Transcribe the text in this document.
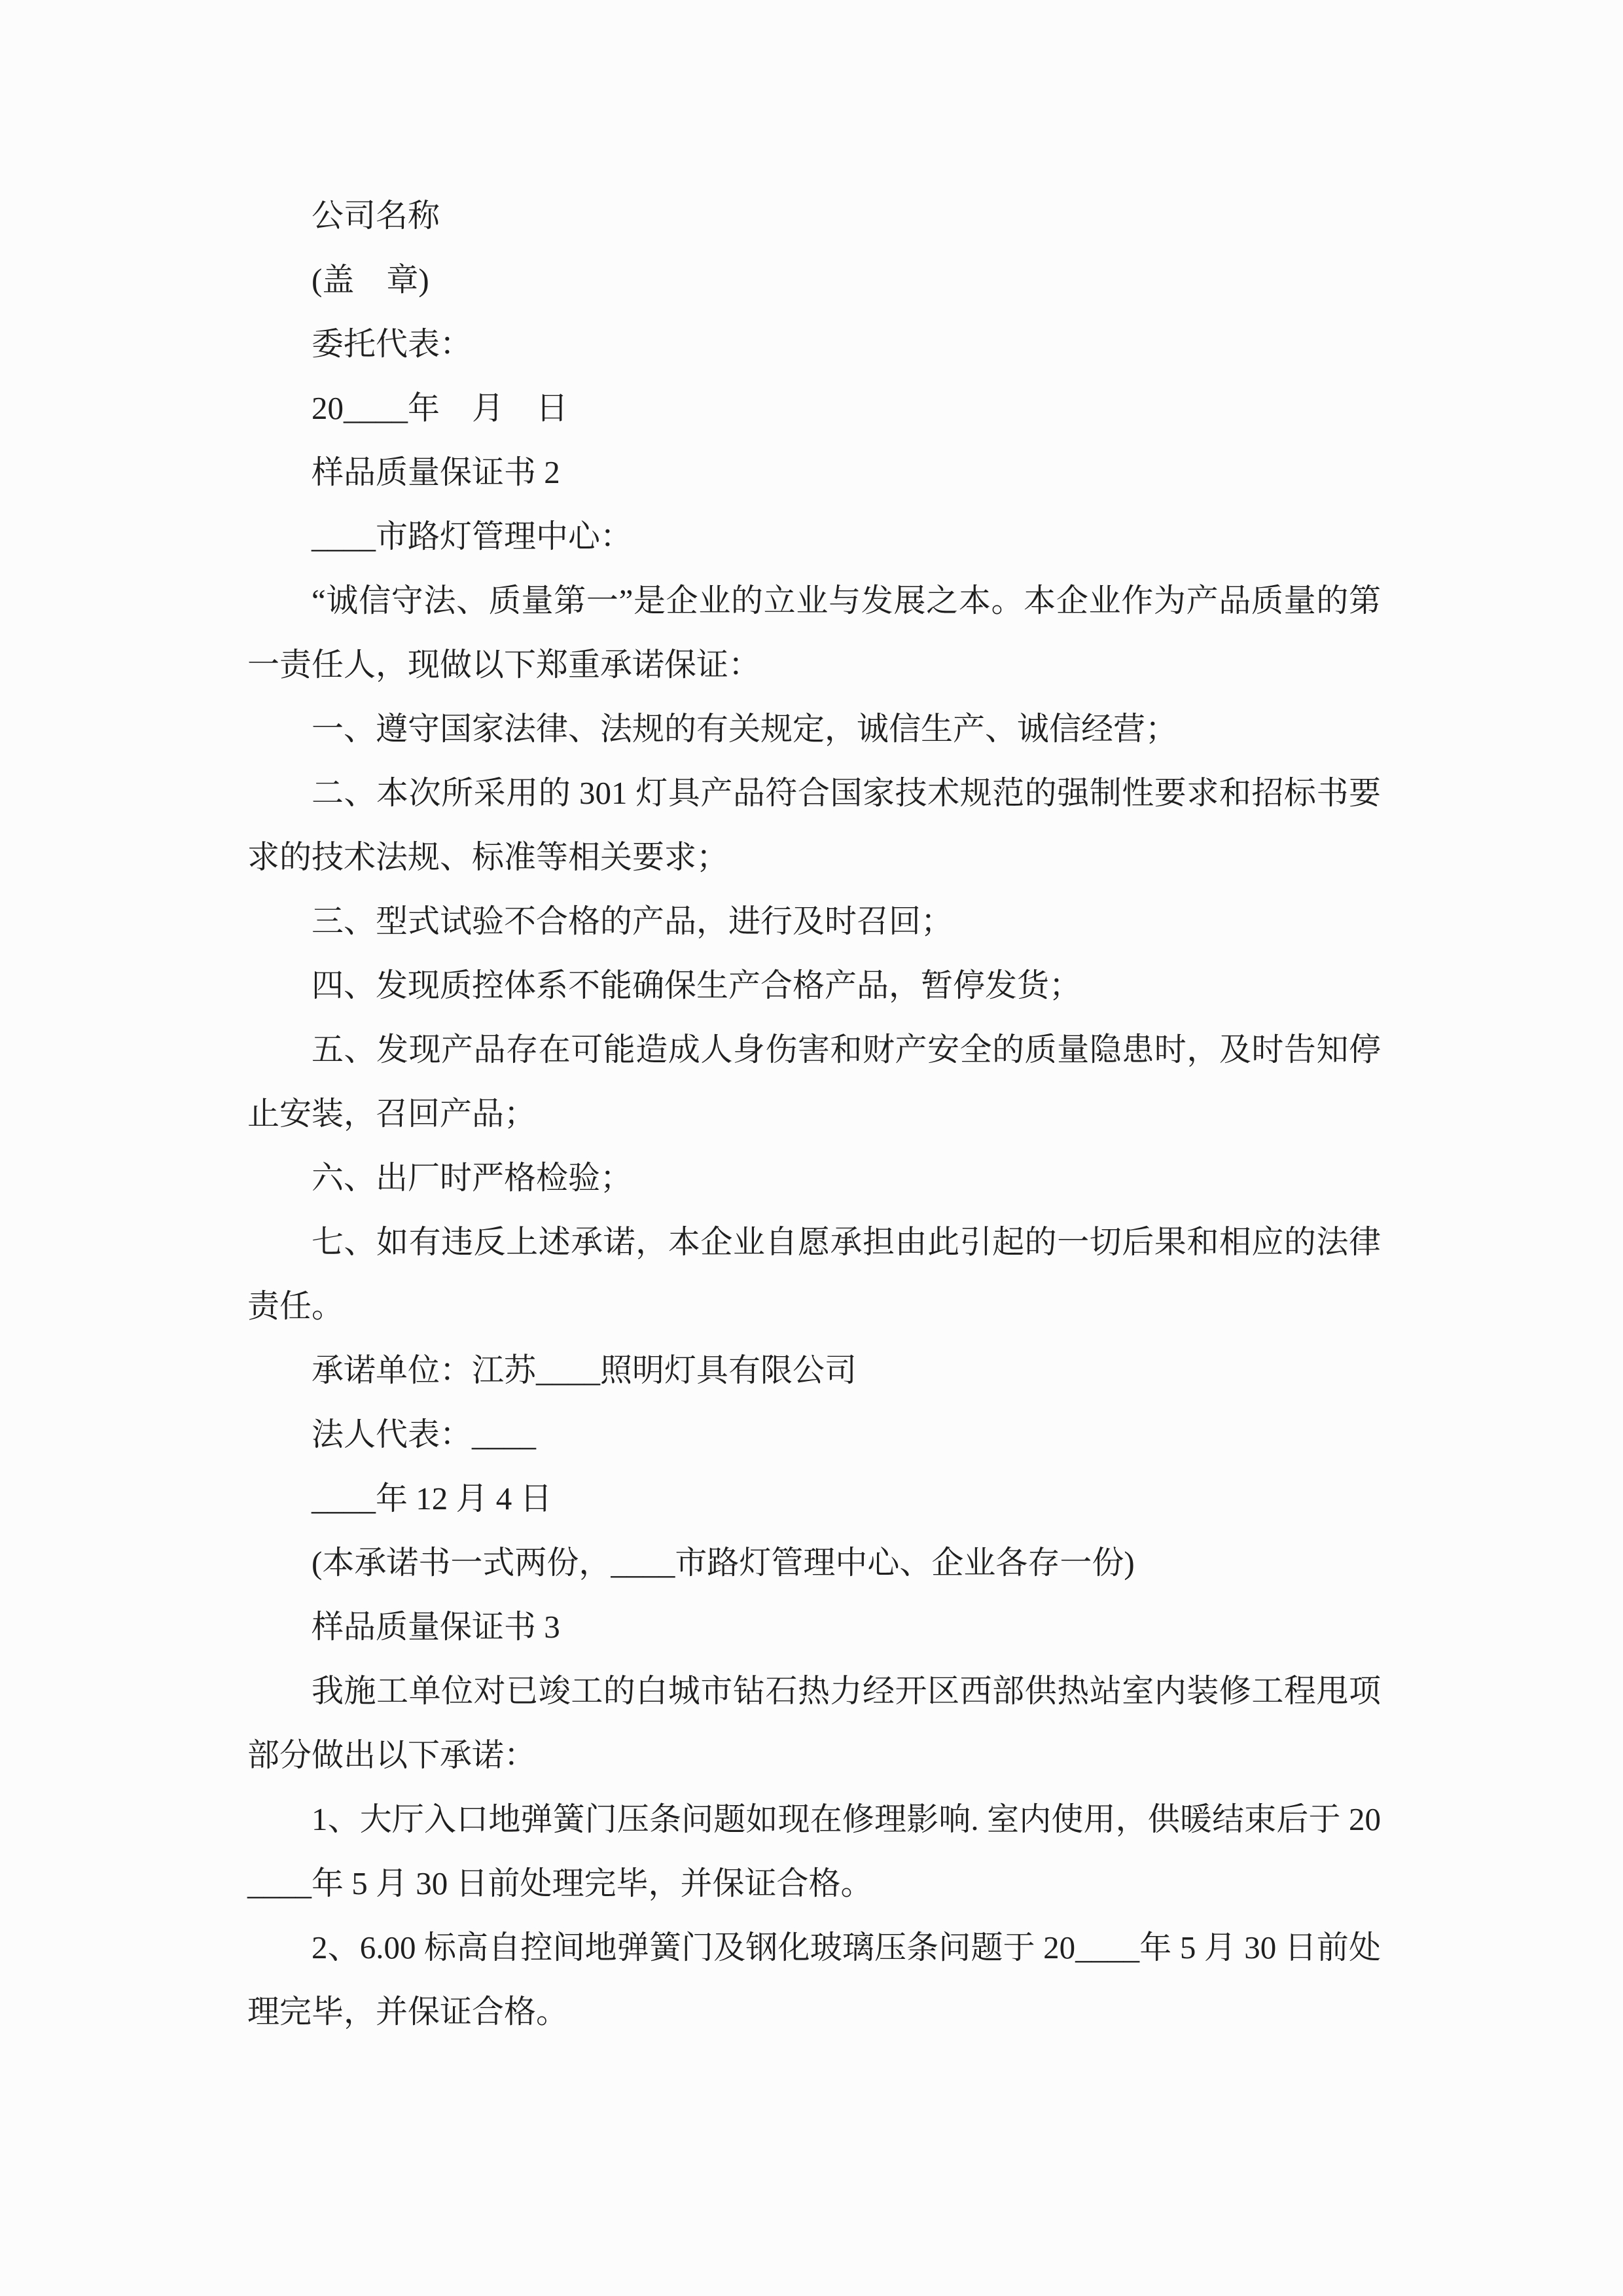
公司名称

(盖　章)

委托代表：

20____年　月　日

样品质量保证书 2

____市路灯管理中心：

“诚信守法、质量第一”是企业的立业与发展之本。本企业作为产品质量的第一责任人，现做以下郑重承诺保证：

一、遵守国家法律、法规的有关规定，诚信生产、诚信经营；

二、本次所采用的 301 灯具产品符合国家技术规范的强制性要求和招标书要求的技术法规、标准等相关要求；

三、型式试验不合格的产品，进行及时召回；

四、发现质控体系不能确保生产合格产品，暂停发货；

五、发现产品存在可能造成人身伤害和财产安全的质量隐患时，及时告知停止安装，召回产品；

六、出厂时严格检验；

七、如有违反上述承诺，本企业自愿承担由此引起的一切后果和相应的法律责任。

承诺单位：江苏____照明灯具有限公司

法人代表：____

____年 12 月 4 日

(本承诺书一式两份，____市路灯管理中心、企业各存一份)

样品质量保证书 3

我施工单位对已竣工的白城市钻石热力经开区西部供热站室内装修工程甩项部分做出以下承诺：

1、大厅入口地弹簧门压条问题如现在修理影响. 室内使用，供暖结束后于 20____年 5 月 30 日前处理完毕，并保证合格。

2、6.00 标高自控间地弹簧门及钢化玻璃压条问题于 20____年 5 月 30 日前处理完毕，并保证合格。
